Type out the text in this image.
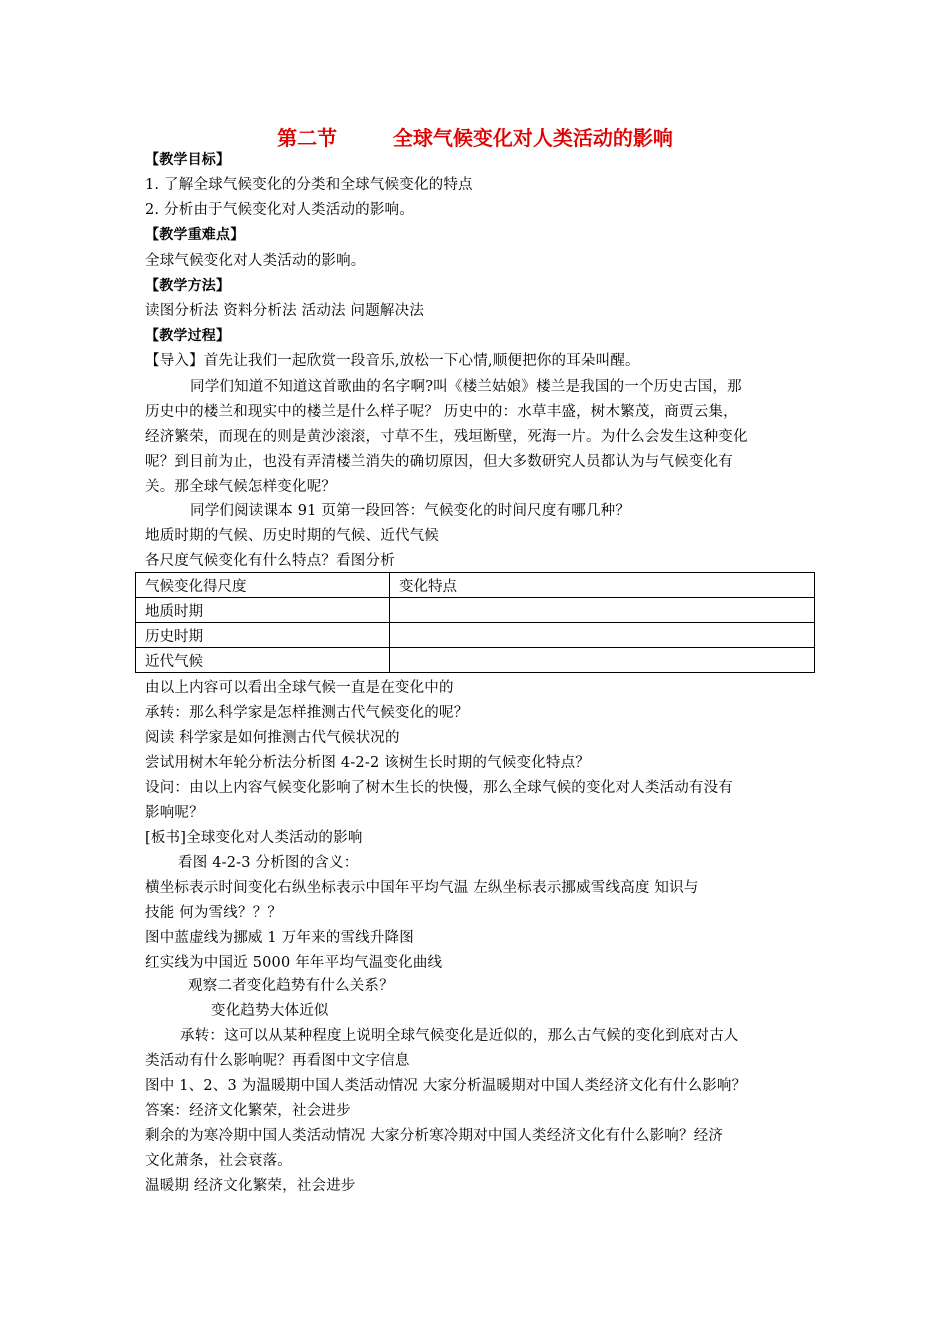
第二节        全球气候变化对人类活动的影响
【教学目标】
1. 了解全球气候变化的分类和全球气候变化的特点
2. 分析由于气候变化对人类活动的影响。
【教学重难点】
全球气候变化对人类活动的影响。
【教学方法】
读图分析法 资料分析法 活动法 问题解决法
【教学过程】
【导入】首先让我们一起欣赏一段音乐,放松一下心情,顺便把你的耳朵叫醒。
同学们知道不知道这首歌曲的名字啊?叫《楼兰姑娘》楼兰是我国的一个历史古国，那
历史中的楼兰和现实中的楼兰是什么样子呢？ 历史中的：水草丰盛，树木繁茂，商贾云集，
经济繁荣，而现在的则是黄沙滚滚，寸草不生，残垣断壁，死海一片。为什么会发生这种变化
呢？到目前为止，也没有弄清楼兰消失的确切原因，但大多数研究人员都认为与气候变化有
关。那全球气候怎样变化呢？
同学们阅读课本 91 页第一段回答：气候变化的时间尺度有哪几种？
地质时期的气候、历史时期的气候、近代气候
各尺度气候变化有什么特点？看图分析
气候变化得尺度	变化特点
地质时期	
历史时期	
近代气候	
由以上内容可以看出全球气候一直是在变化中的
承转：那么科学家是怎样推测古代气候变化的呢？
阅读 科学家是如何推测古代气候状况的
尝试用树木年轮分析法分析图 4-2-2 该树生长时期的气候变化特点？
设问：由以上内容气候变化影响了树木生长的快慢，那么全球气候的变化对人类活动有没有
影响呢？
[板书]全球变化对人类活动的影响
看图 4-2-3 分析图的含义：
横坐标表示时间变化右纵坐标表示中国年平均气温 左纵坐标表示挪威雪线高度 知识与
技能 何为雪线？？？
图中蓝虚线为挪威 1 万年来的雪线升降图
红实线为中国近 5000 年年平均气温变化曲线
观察二者变化趋势有什么关系？
变化趋势大体近似
承转：这可以从某种程度上说明全球气候变化是近似的，那么古气候的变化到底对古人
类活动有什么影响呢？再看图中文字信息
图中 1、2、3 为温暖期中国人类活动情况 大家分析温暖期对中国人类经济文化有什么影响？
答案：经济文化繁荣，社会进步
剩余的为寒冷期中国人类活动情况 大家分析寒冷期对中国人类经济文化有什么影响？经济
文化萧条，社会衰落。
温暖期 经济文化繁荣，社会进步
